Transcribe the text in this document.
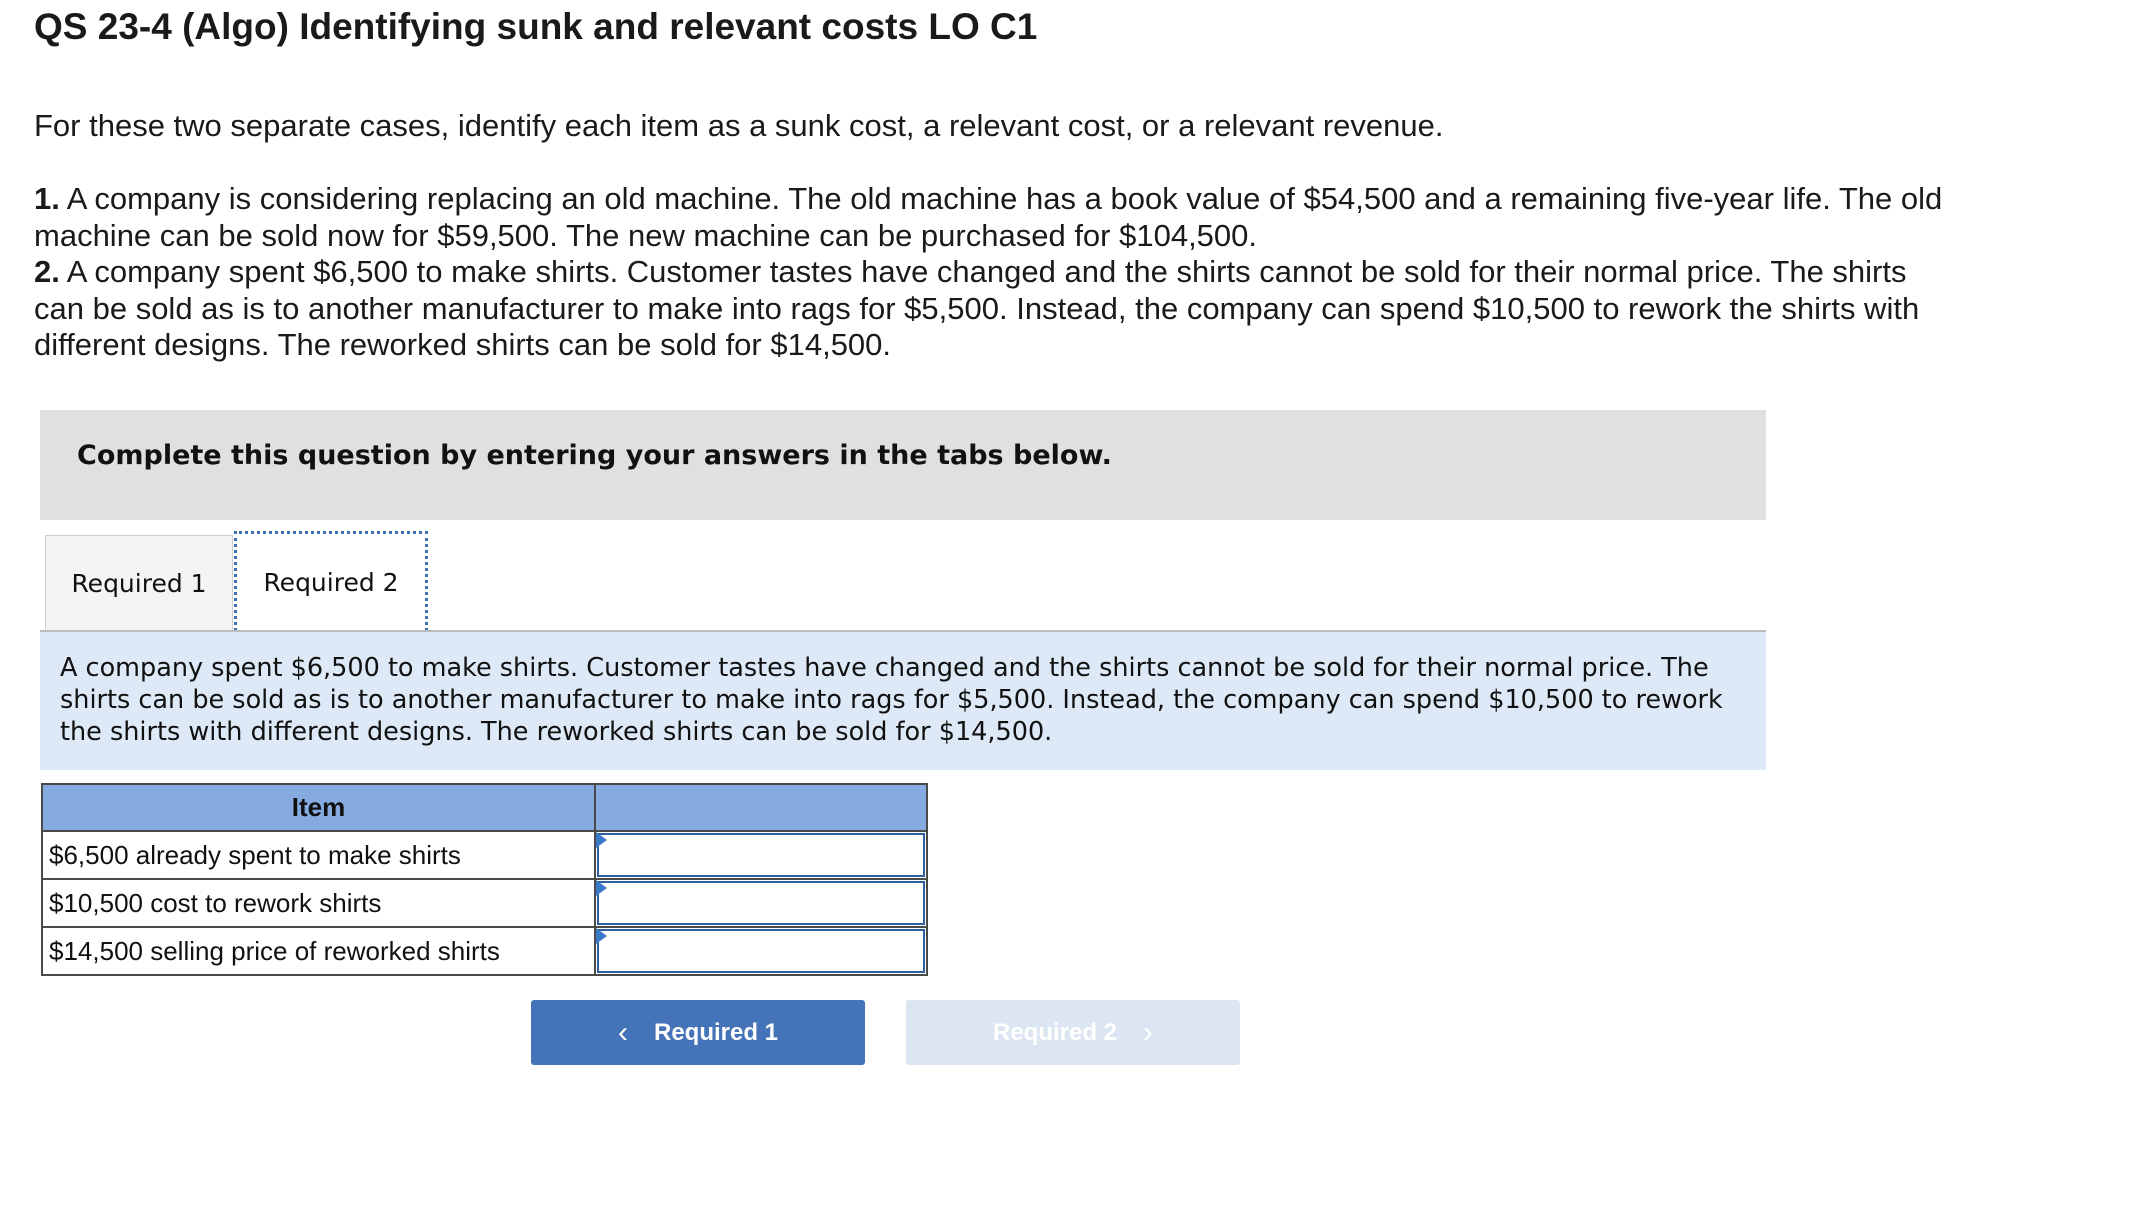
QS 23-4 (Algo) Identifying sunk and relevant costs LO C1

For these two separate cases, identify each item as a sunk cost, a relevant cost, or a relevant revenue.

1. A company is considering replacing an old machine. The old machine has a book value of $54,500 and a remaining five-year life. The old machine can be sold now for $59,500. The new machine can be purchased for $104,500.

2. A company spent $6,500 to make shirts. Customer tastes have changed and the shirts cannot be sold for their normal price. The shirts can be sold as is to another manufacturer to make into rags for $5,500. Instead, the company can spend $10,500 to rework the shirts with different designs. The reworked shirts can be sold for $14,500.

Complete this question by entering your answers in the tabs below.

Required 1 Required 2
A company spent $6,500 to make shirts. Customer tastes have changed and the shirts cannot be sold for their normal price. The shirts can be sold as is to another manufacturer to make into rags for $5,500. Instead, the company can spend $10,500 to rework the shirts with different designs. The reworked shirts can be sold for $14,500.
Item	
$6,500 already spent to make shirts	

$10,500 cost to rework shirts	

$14,500 selling price of reworked shirts	
‹ Required 1	Required 2 ›
